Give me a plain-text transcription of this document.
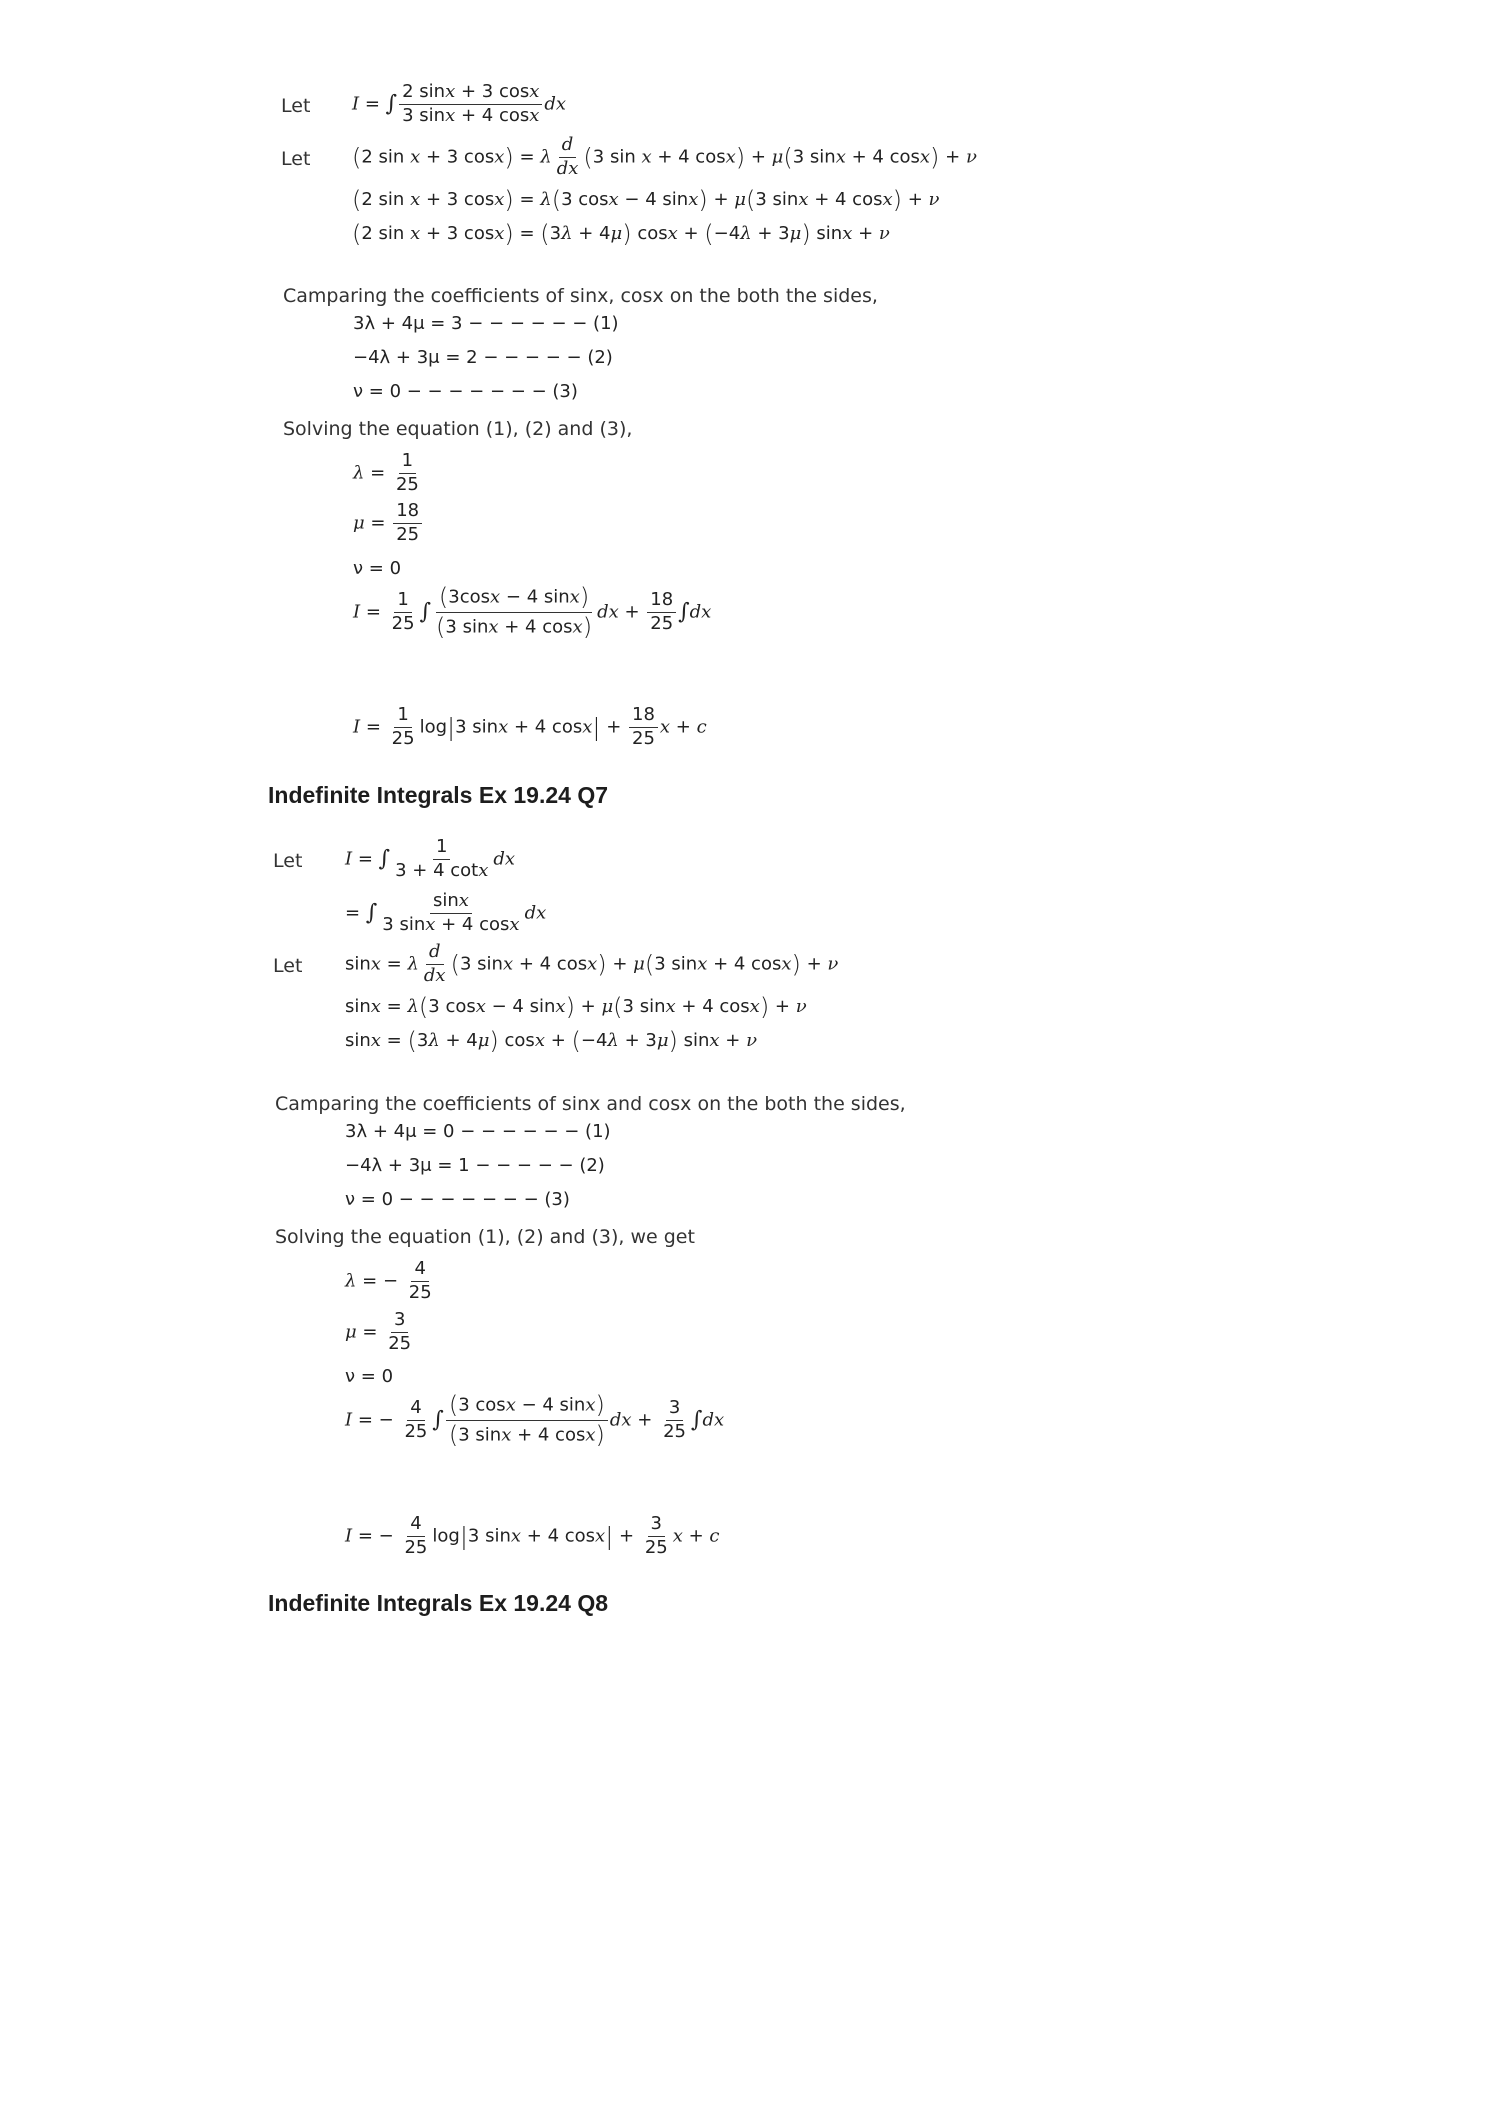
Let I = ∫ $\frac{2 \sin x + 3 \cos x}{3 \sin x + 4 \cos x}$ dx
Let (2 sin x + 3 cosx) = λ $\frac{d}{dx} (3$ sin x + 4 cosx) + μ(3 sinx + 4 cosx) + ν
(2 sin x + 3 cosx) = λ(3 cosx − 4 sinx) + μ(3 sinx + 4 cosx) + ν
(2 sin x + 3 cosx) = (3λ + 4μ) cosx + (−4λ + 3μ) sinx + ν
Camparing the coefficients of sinx, cosx on the both the sides,
3λ + 4μ = 3 − − − − − − (1)
−4λ + 3μ = 2 − − − − − (2)
ν = 0 − − − − − − − (3)
Solving the equation (1), (2) and (3),
$\lambda = \frac{1}{25}$
$\mu = \frac{18}{25}$
ν = 0
$I = \frac{1}{25}$ ∫ $\frac{(3\cos x - 4 \sin x)}{(3 \sin x + 4 \cos x)}$ dx + $\frac{18}{25} \int dx$
$I = \frac{1}{25} \log|3$ sinx + 4 $\cos x| + \frac{18}{25}$ x + c
Indefinite Integrals Ex 19.24 Q7
Let I = ∫ $\frac{1}{3 + 4 \cot x}$ dx
= ∫ $\frac{\sin x}{3 \sin x + 4 \cos x}$ dx
Let sinx = λ $\frac{d}{dx} (3$ sinx + 4 cosx) + μ(3 sinx + 4 cosx) + ν
sinx = λ(3 cosx − 4 sinx) + μ(3 sinx + 4 cosx) + ν
sinx = (3λ + 4μ) cosx + (−4λ + 3μ) sinx + ν
Camparing the coefficients of sinx and cosx on the both the sides,
3λ + 4μ = 0 − − − − − − (1)
−4λ + 3μ = 1 − − − − − (2)
ν = 0 − − − − − − − (3)
Solving the equation (1), (2) and (3), we get
λ = − $\frac{4}{25}$
$\mu = \frac{3}{25}$
ν = 0
I = − $\frac{4}{25}$ ∫ $\frac{(3 \cos x - 4 \sin x)}{(3 \sin x + 4 \cos x)}$ dx + $\frac{3}{25} \int dx$
I = − $\frac{4}{25} \log|3$ sinx + 4 $\cos x| + \frac{3}{25}$ x + c
Indefinite Integrals Ex 19.24 Q8
